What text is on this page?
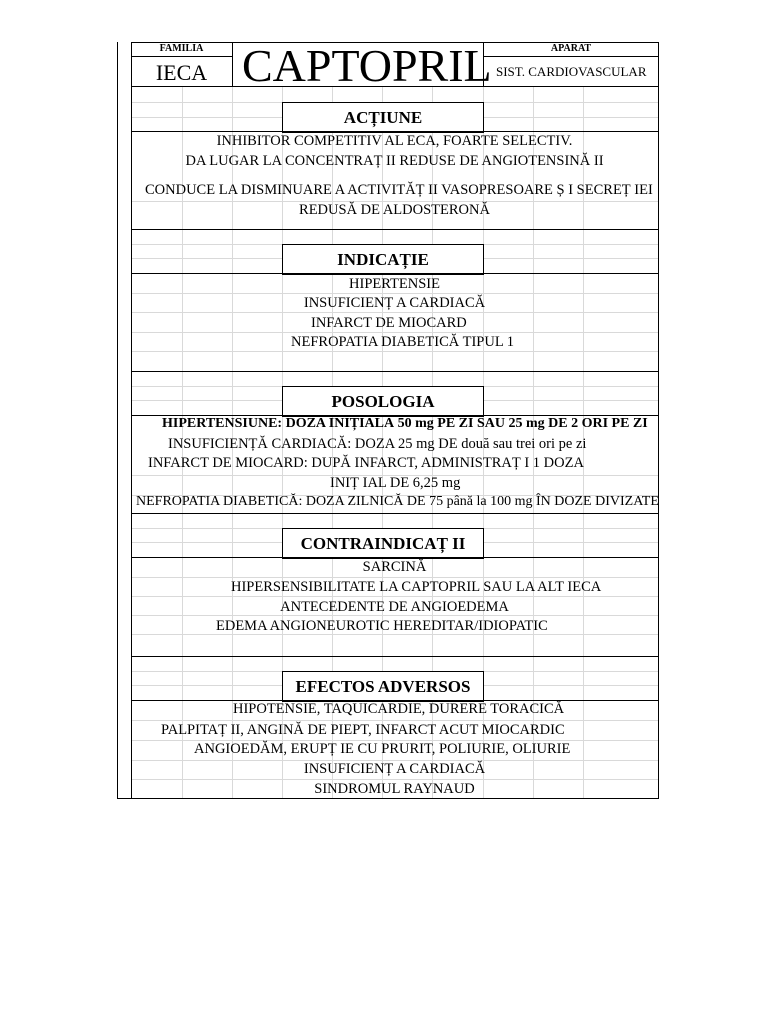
FAMILIA
IECA CAPTOPRIL	APARAT
SIST. CARDIOVASCULAR
ACȚIUNE
INHIBITOR COMPETITIV AL ECA, FOARTE SELECTIV.
DA LUGAR LA CONCENTRAȚ II REDUSE DE ANGIOTENSINĂ II
CONDUCE LA DISMINUARE A ACTIVITĂȚ II VASOPRESOARE Ș I SECREȚ IEI
REDUSĂ DE ALDOSTERONĂ
INDICAȚIE
HIPERTENSIE
INSUFICIENȚ A CARDIACĂ
INFARCT DE MIOCARD
NEFROPATIA DIABETICĂ TIPUL 1
POSOLOGIA
HIPERTENSIUNE: DOZA INIȚIALĂ 50 mg PE ZI SAU 25 mg DE 2 ORI PE ZI
INSUFICIENȚĂ CARDIACĂ: DOZA 25 mg DE două sau trei ori pe zi
INFARCT DE MIOCARD: DUPĂ INFARCT, ADMINISTRAȚ I 1 DOZA
INIȚ IAL DE 6,25 mg
NEFROPATIA DIABETICĂ: DOZA ZILNICĂ DE 75 până la 100 mg ÎN DOZE DIVIZATE
CONTRAINDICAȚ II
SARCINĂ
HIPERSENSIBILITATE LA CAPTOPRIL SAU LA ALT IECA
ANTECEDENTE DE ANGIOEDEMA
EDEMA ANGIONEUROTIC HEREDITAR/IDIOPATIC
EFECTOS ADVERSOS
HIPOTENSIE, TAQUICARDIE, DURERE TORACICĂ
PALPITAȚ II, ANGINĂ DE PIEPT, INFARCT ACUT MIOCARDIC
ANGIOEDĂM, ERUPȚ IE CU PRURIT, POLIURIE, OLIURIE
INSUFICIENȚ A CARDIACĂ
SINDROMUL RAYNAUD
